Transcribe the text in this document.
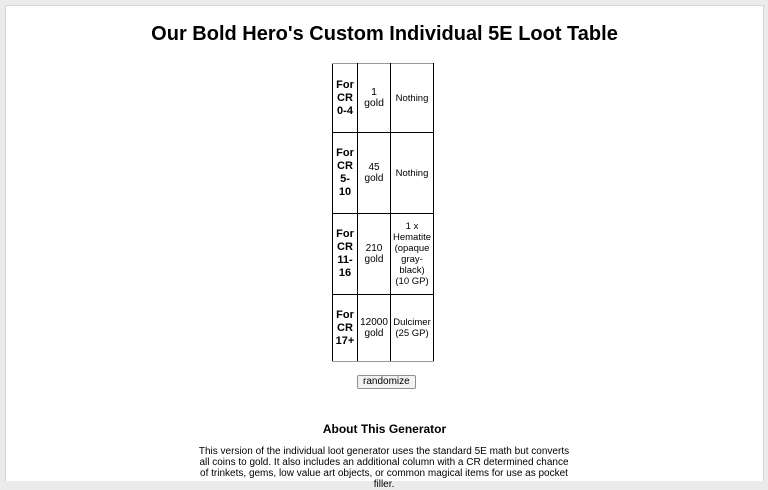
Our Bold Hero's Custom Individual 5E Loot Table
For CR 0-4	1 gold	Nothing
For CR 5-10	45 gold	Nothing
For CR 11-16	210 gold	1 x Hematite (opaque gray-black) (10 GP)
For CR 17+	12000 gold	Dulcimer (25 GP)
randomize
About This Generator

This version of the individual loot generator uses the standard 5E math but converts all coins to gold. It also includes an additional column with a CR determined chance of trinkets, gems, low value art objects, or common magical items for use as pocket filler.
